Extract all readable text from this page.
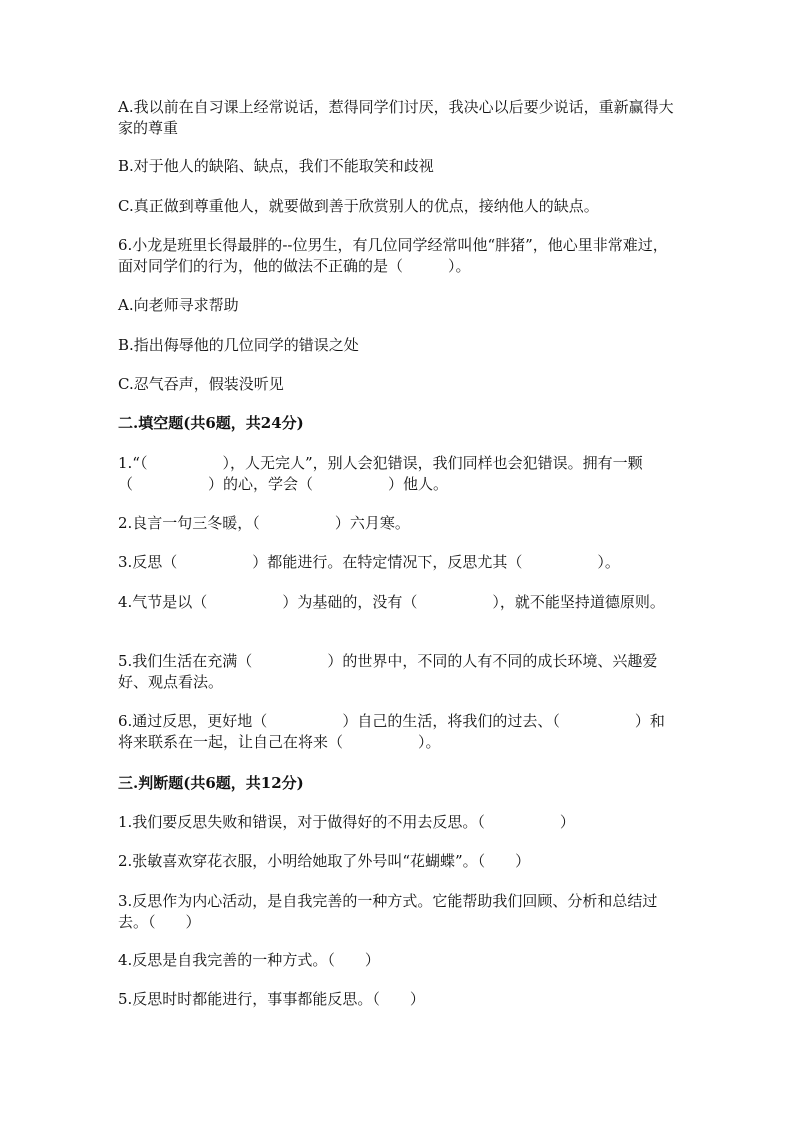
A.我以前在自习课上经常说话，惹得同学们讨厌，我决心以后要少说话，重新赢得大家的尊重
B.对于他人的缺陷、缺点，我们不能取笑和歧视
C.真正做到尊重他人，就要做到善于欣赏别人的优点，接纳他人的缺点。
6.小龙是班里长得最胖的--位男生，有几位同学经常叫他“胖猪”，他心里非常难过，面对同学们的行为，他的做法不正确的是（　　　）。
A.向老师寻求帮助
B.指出侮辱他的几位同学的错误之处
C.忍气吞声，假装没听见
二.填空题(共6题，共24分)
1.“（　　　　　），人无完人”，别人会犯错误，我们同样也会犯错误。拥有一颗（　　　　　）的心，学会（　　　　　）他人。
2.良言一句三冬暖，（　　　　　）六月寒。
3.反思（　　　　　）都能进行。在特定情况下，反思尤其（　　　　　）。
4.气节是以（　　　　　）为基础的，没有（　　　　　），就不能坚持道德原则。
5.我们生活在充满（　　　　　）的世界中，不同的人有不同的成长环境、兴趣爱好、观点看法。
6.通过反思，更好地（　　　　　）自己的生活，将我们的过去、（　　　　　）和将来联系在一起，让自己在将来（　　　　　）。
三.判断题(共6题，共12分)
1.我们要反思失败和错误，对于做得好的不用去反思。（　　　　　）
2.张敏喜欢穿花衣服，小明给她取了外号叫“花蝴蝶”。（　　）
3.反思作为内心活动，是自我完善的一种方式。它能帮助我们回顾、分析和总结过去。（　　）
4.反思是自我完善的一种方式。（　　）
5.反思时时都能进行，事事都能反思。（　　）
